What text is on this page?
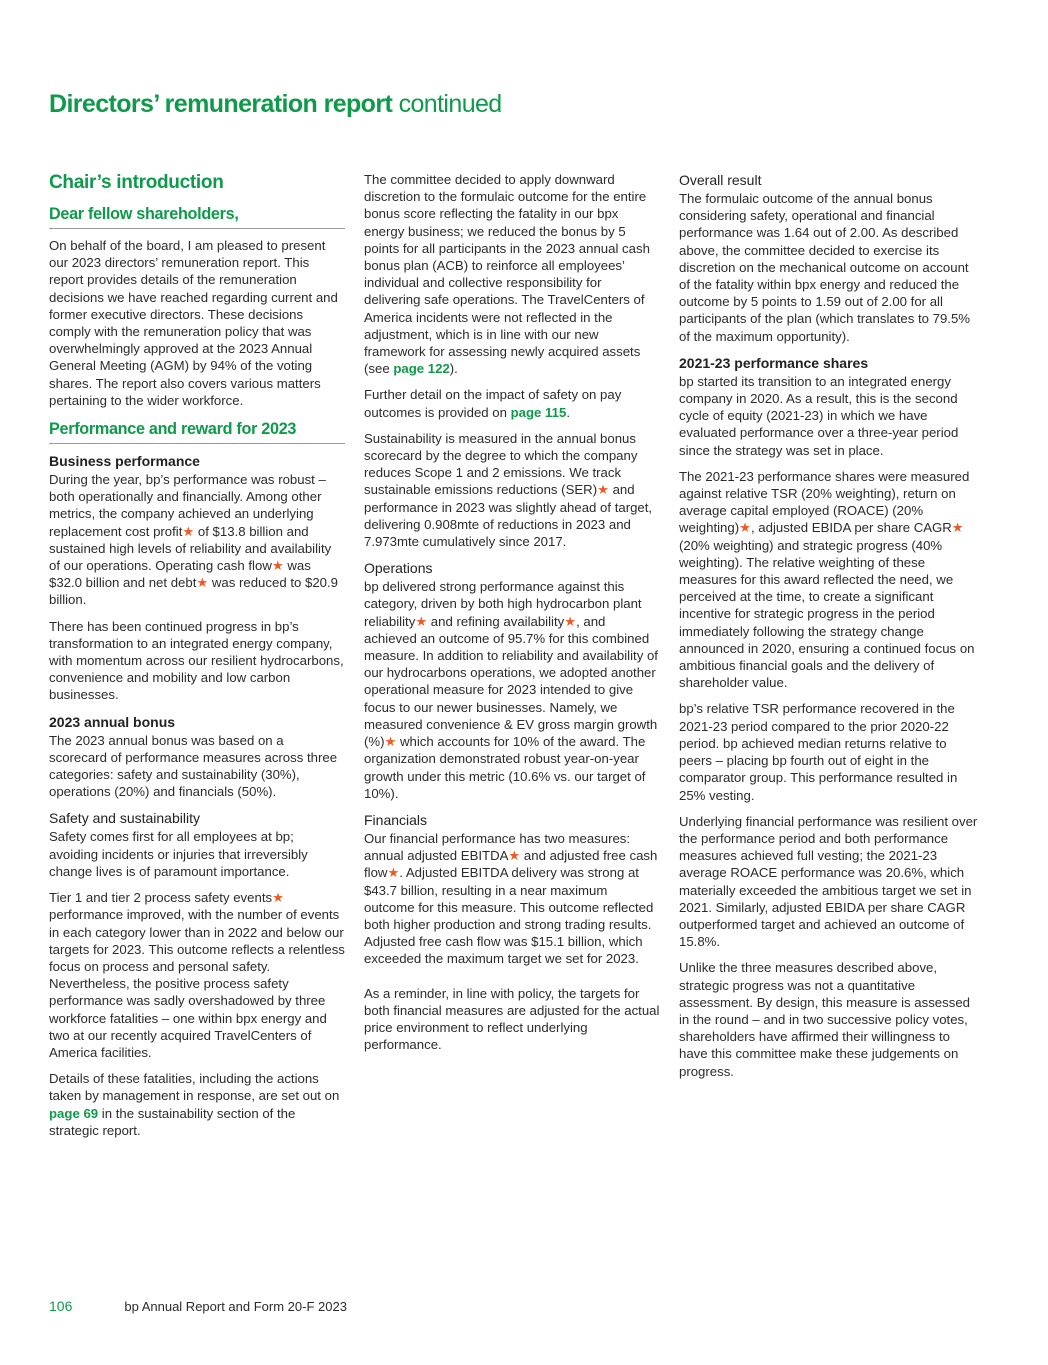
Directors’ remuneration report continued
Chair’s introduction
Dear fellow shareholders,

On behalf of the board, I am pleased to present our 2023 directors’ remuneration report. This report provides details of the remuneration decisions we have reached regarding current and former executive directors. These decisions comply with the remuneration policy that was overwhelmingly approved at the 2023 Annual General Meeting (AGM) by 94% of the voting shares. The report also covers various matters pertaining to the wider workforce.

Performance and reward for 2023
Business performance

During the year, bp’s performance was robust – both operationally and financially. Among other metrics, the company achieved an underlying replacement cost profit★ of $13.8 billion and sustained high levels of reliability and availability of our operations. Operating cash flow★ was $32.0 billion and net debt★ was reduced to $20.9 billion.

There has been continued progress in bp’s transformation to an integrated energy company, with momentum across our resilient hydrocarbons, convenience and mobility and low carbon businesses.

2023 annual bonus

The 2023 annual bonus was based on a scorecard of performance measures across three categories: safety and sustainability (30%), operations (20%) and financials (50%).

Safety and sustainability

Safety comes first for all employees at bp; avoiding incidents or injuries that irreversibly change lives is of paramount importance.

Tier 1 and tier 2 process safety events★ performance improved, with the number of events in each category lower than in 2022 and below our targets for 2023. This outcome reflects a relentless focus on process and personal safety. Nevertheless, the positive process safety performance was sadly overshadowed by three workforce fatalities – one within bpx energy and two at our recently acquired TravelCenters of America facilities.

Details of these fatalities, including the actions taken by management in response, are set out on page 69 in the sustainability section of the strategic report.

The committee decided to apply downward discretion to the formulaic outcome for the entire bonus score reflecting the fatality in our bpx energy business; we reduced the bonus by 5 points for all participants in the 2023 annual cash bonus plan (ACB) to reinforce all employees’ individual and collective responsibility for delivering safe operations. The TravelCenters of America incidents were not reflected in the adjustment, which is in line with our new framework for assessing newly acquired assets (see page 122).

Further detail on the impact of safety on pay outcomes is provided on page 115.

Sustainability is measured in the annual bonus scorecard by the degree to which the company reduces Scope 1 and 2 emissions. We track sustainable emissions reductions (SER)★ and performance in 2023 was slightly ahead of target, delivering 0.908mte of reductions in 2023 and 7.973mte cumulatively since 2017.

Operations

bp delivered strong performance against this category, driven by both high hydrocarbon plant reliability★ and refining availability★, and achieved an outcome of 95.7% for this combined measure. In addition to reliability and availability of our hydrocarbons operations, we adopted another operational measure for 2023 intended to give focus to our newer businesses. Namely, we measured convenience & EV gross margin growth (%)★ which accounts for 10% of the award. The organization demonstrated robust year-on-year growth under this metric (10.6% vs. our target of 10%).

Financials

Our financial performance has two measures: annual adjusted EBITDA★ and adjusted free cash flow★. Adjusted EBITDA delivery was strong at $43.7 billion, resulting in a near maximum outcome for this measure. This outcome reflected both higher production and strong trading results. Adjusted free cash flow was $15.1 billion, which exceeded the maximum target we set for 2023.

As a reminder, in line with policy, the targets for both financial measures are adjusted for the actual price environment to reflect underlying performance.

Overall result

The formulaic outcome of the annual bonus considering safety, operational and financial performance was 1.64 out of 2.00. As described above, the committee decided to exercise its discretion on the mechanical outcome on account of the fatality within bpx energy and reduced the outcome by 5 points to 1.59 out of 2.00 for all participants of the plan (which translates to 79.5% of the maximum opportunity).

2021-23 performance shares

bp started its transition to an integrated energy company in 2020. As a result, this is the second cycle of equity (2021-23) in which we have evaluated performance over a three-year period since the strategy was set in place.

The 2021-23 performance shares were measured against relative TSR (20% weighting), return on average capital employed (ROACE) (20% weighting)★, adjusted EBIDA per share CAGR★ (20% weighting) and strategic progress (40% weighting). The relative weighting of these measures for this award reflected the need, we perceived at the time, to create a significant incentive for strategic progress in the period immediately following the strategy change announced in 2020, ensuring a continued focus on ambitious financial goals and the delivery of shareholder value.

bp’s relative TSR performance recovered in the 2021-23 period compared to the prior 2020-22 period. bp achieved median returns relative to peers – placing bp fourth out of eight in the comparator group. This performance resulted in 25% vesting.

Underlying financial performance was resilient over the performance period and both performance measures achieved full vesting; the 2021-23 average ROACE performance was 20.6%, which materially exceeded the ambitious target we set in 2021. Similarly, adjusted EBIDA per share CAGR outperformed target and achieved an outcome of 15.8%.

Unlike the three measures described above, strategic progress was not a quantitative assessment. By design, this measure is assessed in the round – and in two successive policy votes, shareholders have affirmed their willingness to have this committee make these judgements on progress.

106	bp Annual Report and Form 20-F 2023
